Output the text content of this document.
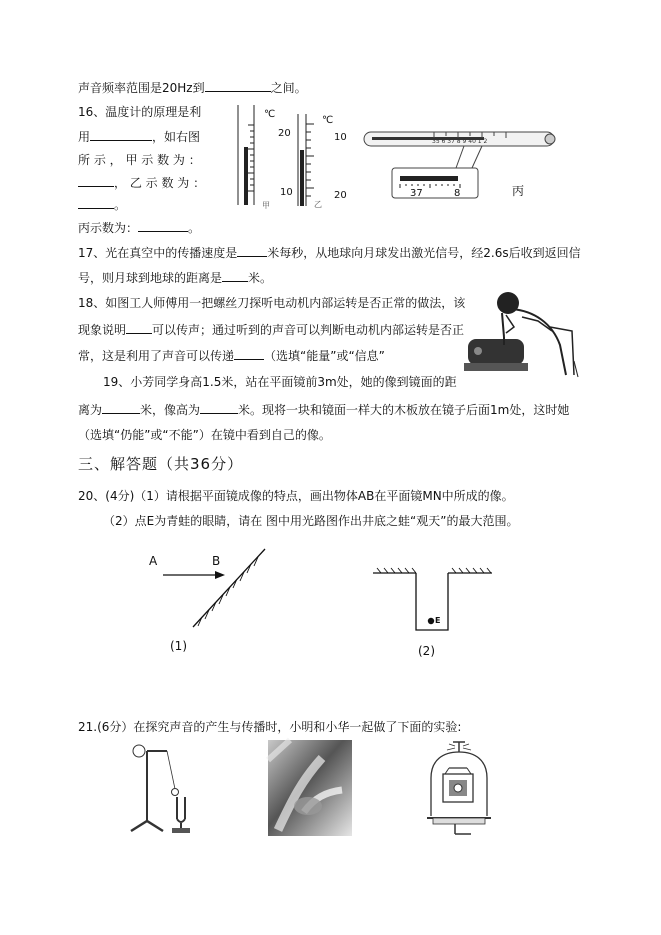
声音频率范围是20Hz到	之间。
16、温度计的原理是利
用	，如右图
所 示 ， 甲 示 数 为 ：
， 乙 示 数 为 ：
。
丙示数为：	。
℃
20
10
甲
℃
10
20
乙
35 6 37 8 9 40 1 2
37	8	丙
17、光在真空中的传播速度是	米每秒，从地球向月球发出激光信号，经2.6s后收到返回信
号，则月球到地球的距离是 米。
18、如图工人师傅用一把螺丝刀探听电动机内部运转是否正常的做法，该
现象说明 可以传声；通过听到的声音可以判断电动机内部运转是否正
常，这是利用了声音可以传递	（选填“能量”或“信息”
19、小芳同学身高1.5米，站在平面镜前3m处，她的像到镜面的距
离为	米，像高为	米。现将一块和镜面一样大的木板放在镜子后面1m处，这时她
（选填“仍能”或“不能”）在镜中看到自己的像。
三、解答题（共36分）
20、(4分)（1）请根据平面镜成像的特点，画出物体AB在平面镜MN中所成的像。
（2）点E为青蛙的眼睛，请在 图中用光路图作出井底之蛙“观天”的最大范围。
A	B
(1)
E
(2)
21.(6分）在探究声音的产生与传播时，小明和小华一起做了下面的实验:
